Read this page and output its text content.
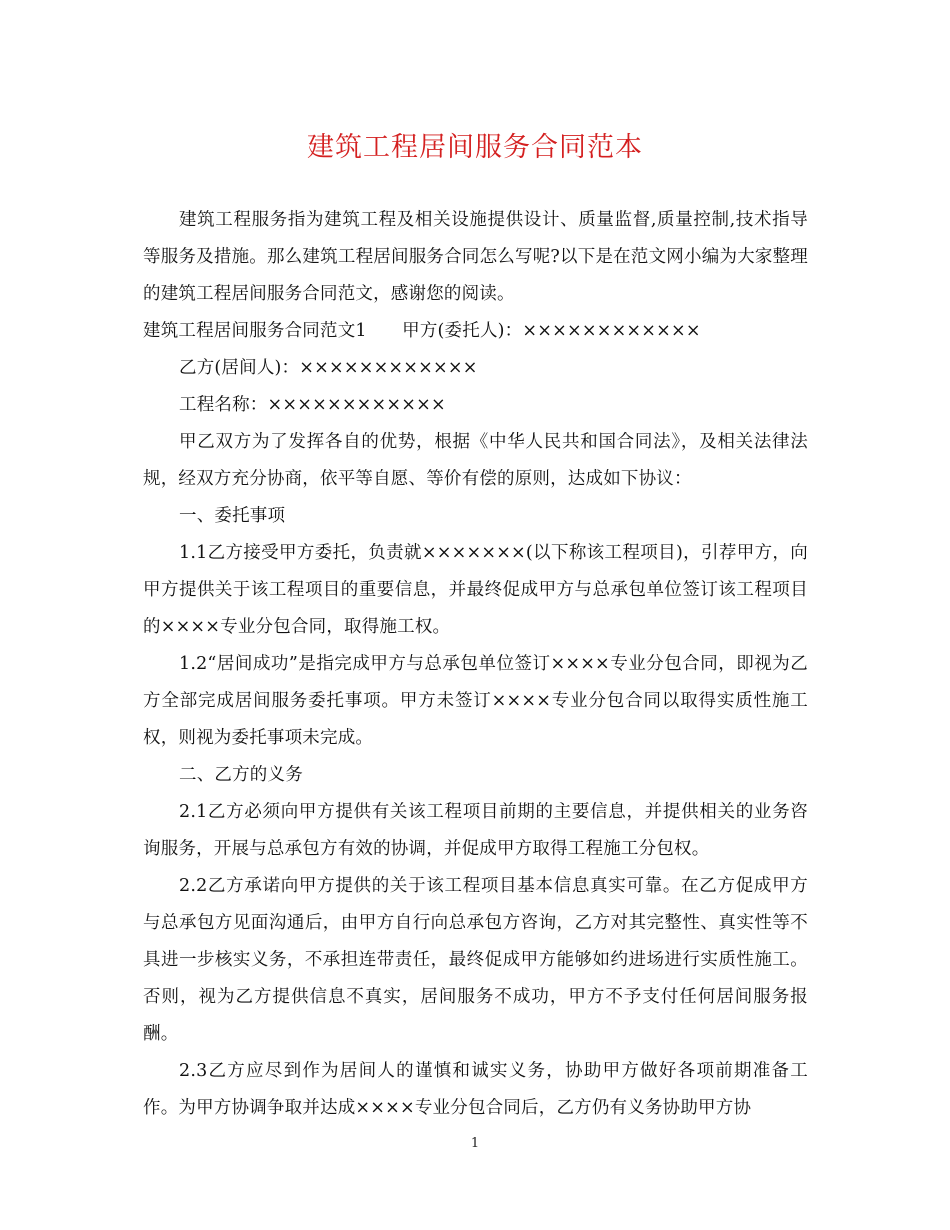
建筑工程居间服务合同范本

建筑工程服务指为建筑工程及相关设施提供设计、质量监督,质量控制,技术指导等服务及措施。那么建筑工程居间服务合同怎么写呢?以下是在范文网小编为大家整理的建筑工程居间服务合同范文，感谢您的阅读。

建筑工程居间服务合同范文1　　甲方(委托人)：××××××××××××

乙方(居间人)：××××××××××××

工程名称：××××××××××××

甲乙双方为了发挥各自的优势，根据《中华人民共和国合同法》，及相关法律法规，经双方充分协商，依平等自愿、等价有偿的原则，达成如下协议：

一、委托事项

1.1乙方接受甲方委托，负责就×××××××(以下称该工程项目)，引荐甲方，向甲方提供关于该工程项目的重要信息，并最终促成甲方与总承包单位签订该工程项目的××××专业分包合同，取得施工权。

1.2“居间成功”是指完成甲方与总承包单位签订××××专业分包合同，即视为乙方全部完成居间服务委托事项。甲方未签订××××专业分包合同以取得实质性施工权，则视为委托事项未完成。

二、乙方的义务

2.1乙方必须向甲方提供有关该工程项目前期的主要信息，并提供相关的业务咨询服务，开展与总承包方有效的协调，并促成甲方取得工程施工分包权。

2.2乙方承诺向甲方提供的关于该工程项目基本信息真实可靠。在乙方促成甲方与总承包方见面沟通后，由甲方自行向总承包方咨询，乙方对其完整性、真实性等不具进一步核实义务，不承担连带责任，最终促成甲方能够如约进场进行实质性施工。否则，视为乙方提供信息不真实，居间服务不成功，甲方不予支付任何居间服务报酬。

2.3乙方应尽到作为居间人的谨慎和诚实义务，协助甲方做好各项前期准备工作。为甲方协调争取并达成××××专业分包合同后，乙方仍有义务协助甲方协

1
